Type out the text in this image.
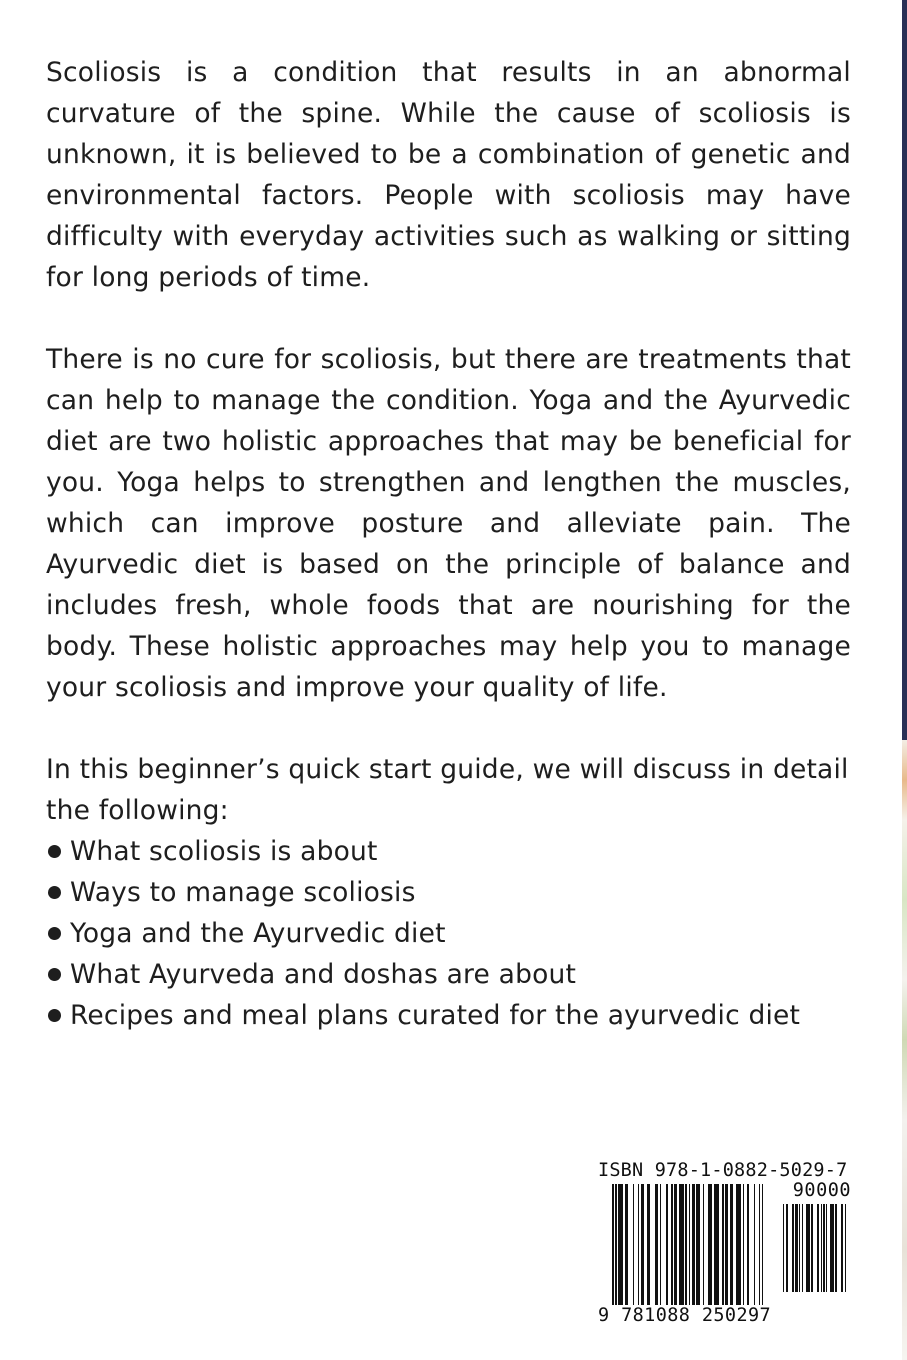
Scoliosis is a condition that results in an abnormal curvature of the spine. While the cause of scoliosis is unknown, it is believed to be a combination of genetic and environmental factors. People with scoliosis may have difficulty with everyday activities such as walking or sitting for long periods of time.

There is no cure for scoliosis, but there are treatments that can help to manage the condition. Yoga and the Ayurvedic diet are two holistic approaches that may be beneficial for you. Yoga helps to strengthen and lengthen the muscles, which can improve posture and alleviate pain. The Ayurvedic diet is based on the principle of balance and includes fresh, whole foods that are nourishing for the body. These holistic approaches may help you to manage your scoliosis and improve your quality of life.

In this beginner’s quick start guide, we will discuss in detail the following:

What scoliosis is about
Ways to manage scoliosis
Yoga and the Ayurvedic diet
What Ayurveda and doshas are about
Recipes and meal plans curated for the ayurvedic diet
ISBN 978-1-0882-5029-7
90000
9 781088 250297
